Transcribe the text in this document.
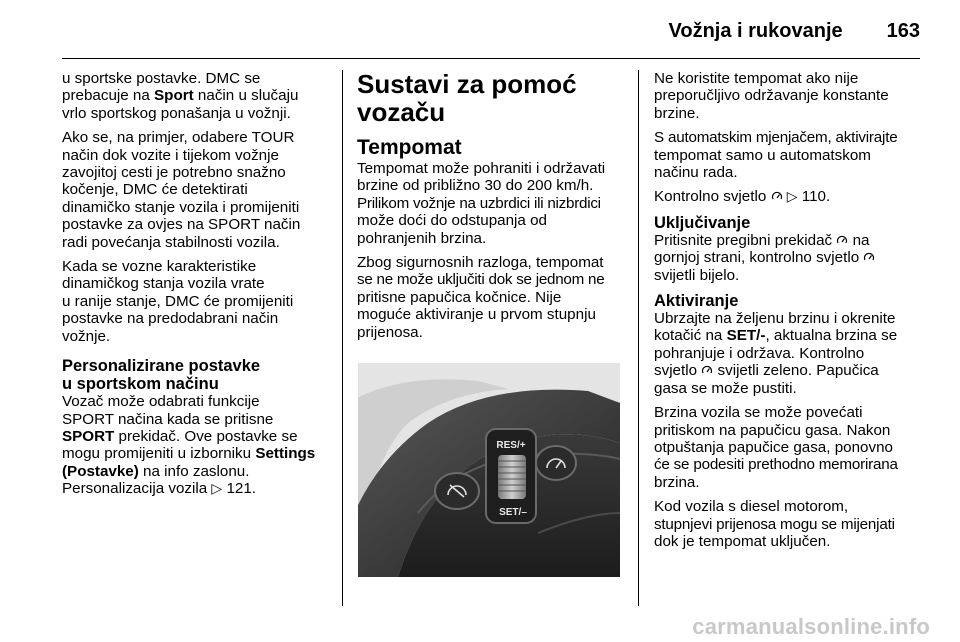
Vožnja i rukovanje 163

u sportske postavke. DMC se
prebacuje na Sport način u slučaju
vrlo sportskog ponašanja u vožnji.

Ako se, na primjer, odabere TOUR
način dok vozite i tijekom vožnje
zavojitoj cesti je potrebno snažno
kočenje, DMC će detektirati
dinamičko stanje vozila i promijeniti
postavke za ovjes na SPORT način
radi povećanja stabilnosti vozila.

Kada se vozne karakteristike
dinamičkog stanja vozila vrate
u ranije stanje, DMC će promijeniti
postavke na predodabrani način
vožnje.

Personalizirane postavke
u sportskom načinu

Vozač može odabrati funkcije
SPORT načina kada se pritisne
SPORT prekidač. Ove postavke se
mogu promijeniti u izborniku Settings
(Postavke) na info zaslonu.
Personalizacija vozila ▷ 121.

Sustavi za pomoć
vozaču
Tempomat

Tempomat može pohraniti i održavati
brzine od približno 30 do 200 km/h.
Prilikom vožnje na uzbrdici ili nizbrdici
može doći do odstupanja od
pohranjenih brzina.

Zbog sigurnosnih razloga, tempomat
se ne može uključiti dok se jednom ne
pritisne papučica kočnice. Nije
moguće aktiviranje u prvom stupnju
prijenosa.

RES/+
SET/–

Ne koristite tempomat ako nije
preporučljivo održavanje konstante
brzine.

S automatskim mjenjačem, aktivirajte
tempomat samo u automatskom
načinu rada.

Kontrolno svjetlo  ▷ 110.

Uključivanje

Pritisnite pregibni prekidač  na
gornjoj strani, kontrolno svjetlo
svijetli bijelo.

Aktiviranje

Ubrzajte na željenu brzinu i okrenite
kotačić na SET/-, aktualna brzina se
pohranjuje i održava. Kontrolno
svjetlo  svijetli zeleno. Papučica
gasa se može pustiti.

Brzina vozila se može povećati
pritiskom na papučicu gasa. Nakon
otpuštanja papučice gasa, ponovno
će se podesiti prethodno memorirana
brzina.

Kod vozila s diesel motorom,
stupnjevi prijenosa mogu se mijenjati
dok je tempomat uključen.

carmanualsonline.info
